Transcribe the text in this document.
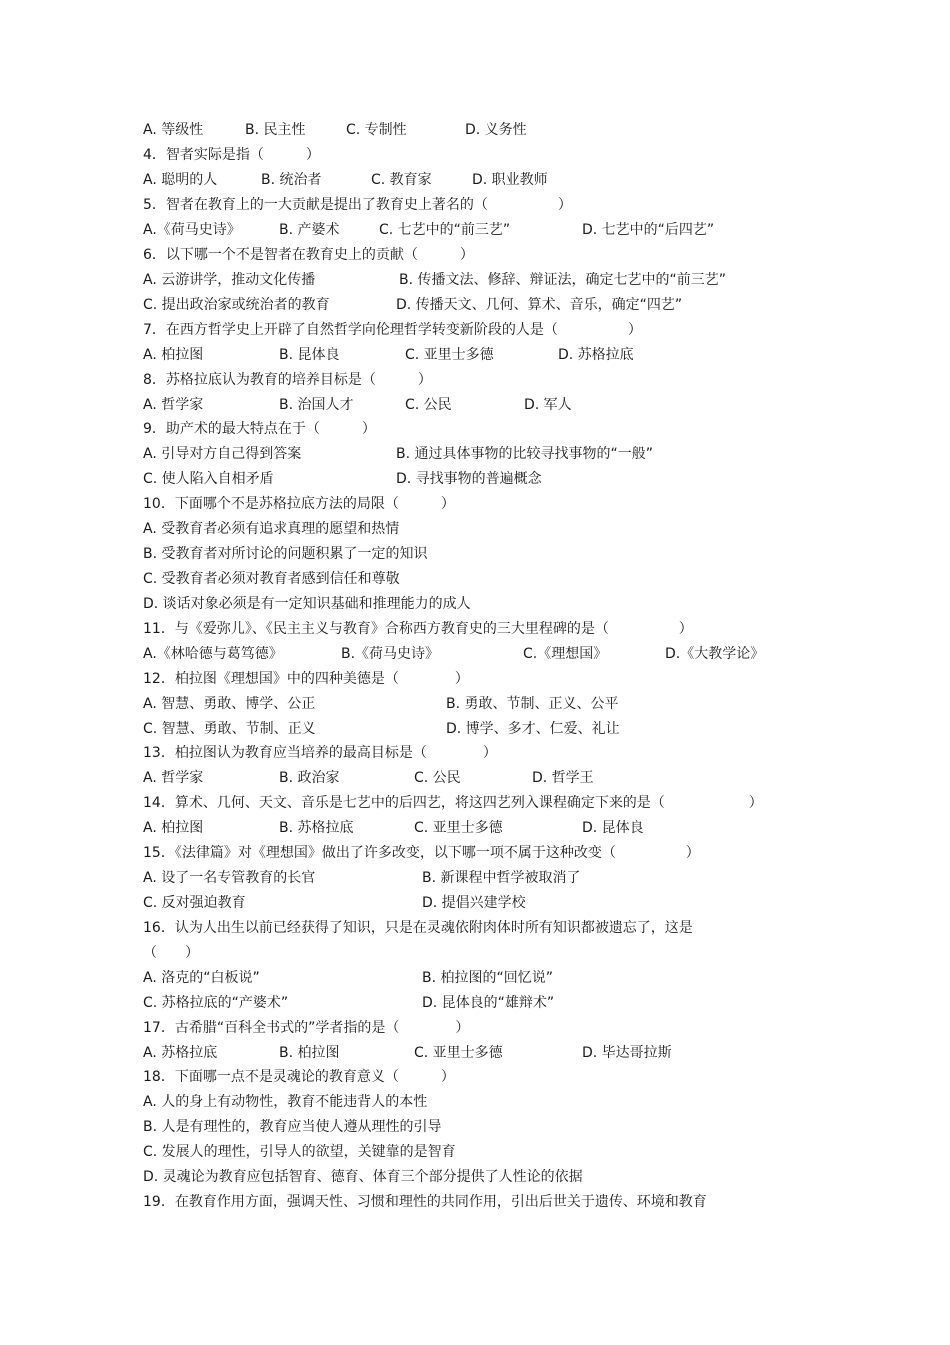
A. 等级性	B. 民主性	C. 专制性	D. 义务性
4．智者实际是指（　　　）
A. 聪明的人	B. 统治者	C. 教育家	D. 职业教师
5．智者在教育上的一大贡献是提出了教育史上著名的（　　　　　）
A.《荷马史诗》	B. 产婆术	C. 七艺中的“前三艺”	D. 七艺中的“后四艺”
6．以下哪一个不是智者在教育史上的贡献（　　　）
A. 云游讲学，推动文化传播	B. 传播文法、修辞、辩证法，确定七艺中的“前三艺”
C. 提出政治家或统治者的教育	D. 传播天文、几何、算术、音乐，确定“四艺”
7．在西方哲学史上开辟了自然哲学向伦理哲学转变新阶段的人是（　　　　　）
A. 柏拉图	B. 昆体良	C. 亚里士多德	D. 苏格拉底
8．苏格拉底认为教育的培养目标是（　　　）
A. 哲学家	B. 治国人才	C. 公民	D. 军人
9．助产术的最大特点在于（　　　）
A. 引导对方自己得到答案	B. 通过具体事物的比较寻找事物的“一般”
C. 使人陷入自相矛盾	D. 寻找事物的普遍概念
10．下面哪个不是苏格拉底方法的局限（　　　）
A. 受教育者必须有追求真理的愿望和热情
B. 受教育者对所讨论的问题积累了一定的知识
C. 受教育者必须对教育者感到信任和尊敬
D. 谈话对象必须是有一定知识基础和推理能力的成人
11．与《爱弥儿》、《民主主义与教育》合称西方教育史的三大里程碑的是（　　　　　）
A.《林哈德与葛笃德》	B.《荷马史诗》	C.《理想国》	D.《大教学论》
12．柏拉图《理想国》中的四种美德是（　　　　）
A. 智慧、勇敢、博学、公正	B. 勇敢、节制、正义、公平
C. 智慧、勇敢、节制、正义	D. 博学、多才、仁爱、礼让
13．柏拉图认为教育应当培养的最高目标是（　　　　）
A. 哲学家	B. 政治家	C. 公民	D. 哲学王
14．算术、几何、天文、音乐是七艺中的后四艺，将这四艺列入课程确定下来的是（　　　　　　）
A. 柏拉图	B. 苏格拉底	C. 亚里士多德	D. 昆体良
15．《法律篇》对《理想国》做出了许多改变，以下哪一项不属于这种改变（　　　　　）
A. 设了一名专管教育的长官	B. 新课程中哲学被取消了
C. 反对强迫教育	D. 提倡兴建学校
16．认为人出生以前已经获得了知识，只是在灵魂依附肉体时所有知识都被遗忘了，这是
（　　）
A. 洛克的“白板说”	B. 柏拉图的“回忆说”
C. 苏格拉底的“产婆术”	D. 昆体良的“雄辩术”
17．古希腊“百科全书式的”学者指的是（　　　　）
A. 苏格拉底	B. 柏拉图	C. 亚里士多德	D. 毕达哥拉斯
18．下面哪一点不是灵魂论的教育意义（　　　）
A. 人的身上有动物性，教育不能违背人的本性
B. 人是有理性的，教育应当使人遵从理性的引导
C. 发展人的理性，引导人的欲望，关键靠的是智育
D. 灵魂论为教育应包括智育、德育、体育三个部分提供了人性论的依据
19．在教育作用方面，强调天性、习惯和理性的共同作用，引出后世关于遗传、环境和教育
